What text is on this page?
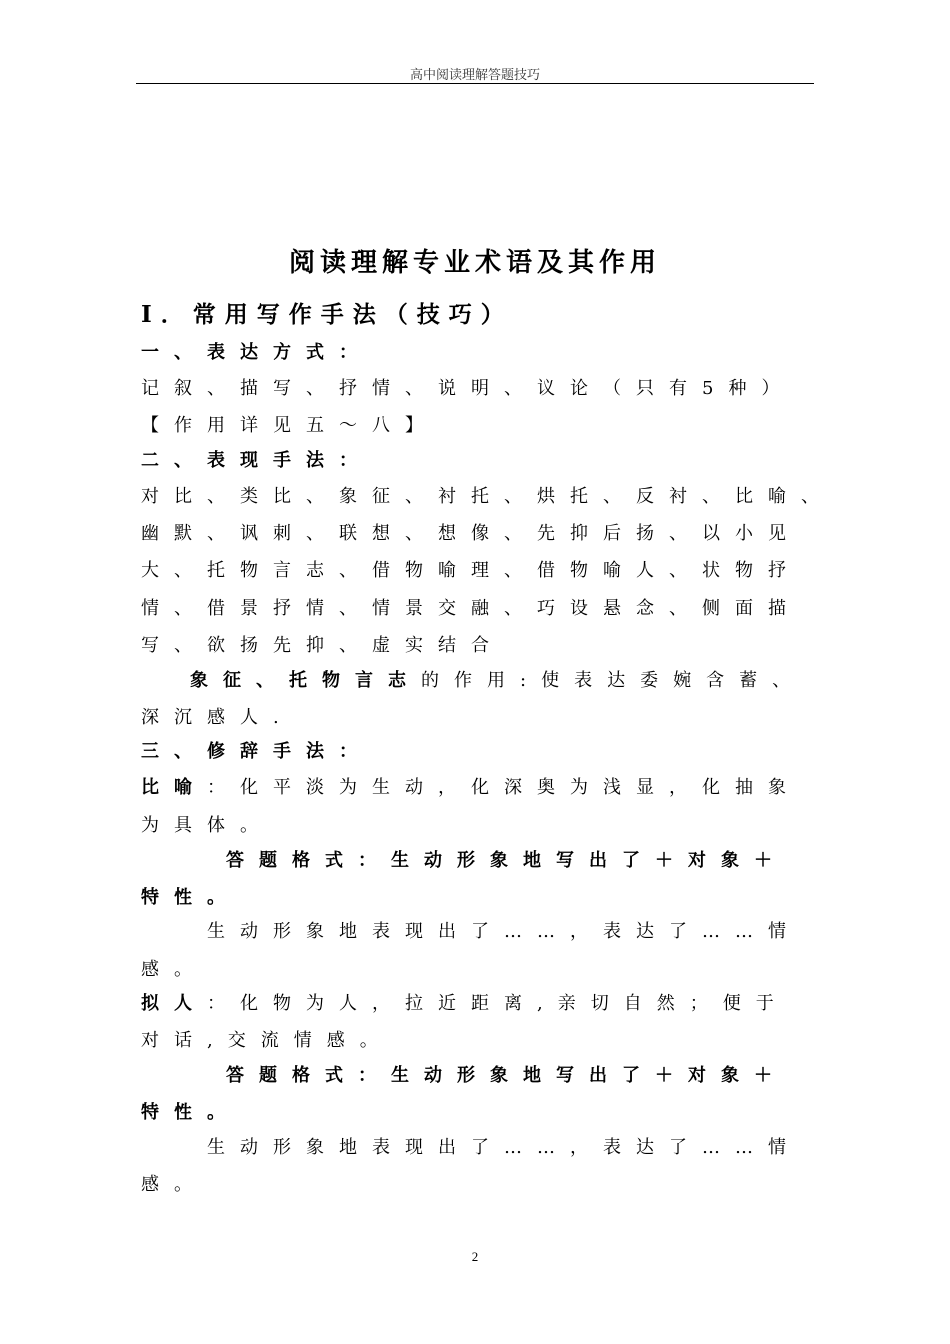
高中阅读理解答题技巧
阅读理解专业术语及其作用
Ⅰ．常用写作手法（技巧）
一、表达方式：
记叙、描写、抒情、说明、议论（只有5种）
【作用详见五～八】
二、表现手法：
对比、类比、象征、衬托、烘托、反衬、比喻、
幽默、讽刺、联想、想像、先抑后扬、以小见
大、托物言志、借物喻理、借物喻人、状物抒
情、借景抒情、情景交融、巧设悬念、侧面描
写、欲扬先抑、虚实结合
象征、托物言志的作用:使表达委婉含蓄、
深沉感人.
三、修辞手法：
比喻：化平淡为生动，化深奥为浅显，化抽象
为具体。
答题格式：生动形象地写出了＋对象＋
特性。
生动形象地表现出了……，表达了……情
感。
拟人：化物为人，拉近距离,亲切自然；便于
对话,交流情感。
答题格式：生动形象地写出了＋对象＋
特性。
生动形象地表现出了……，表达了……情
感。
2
